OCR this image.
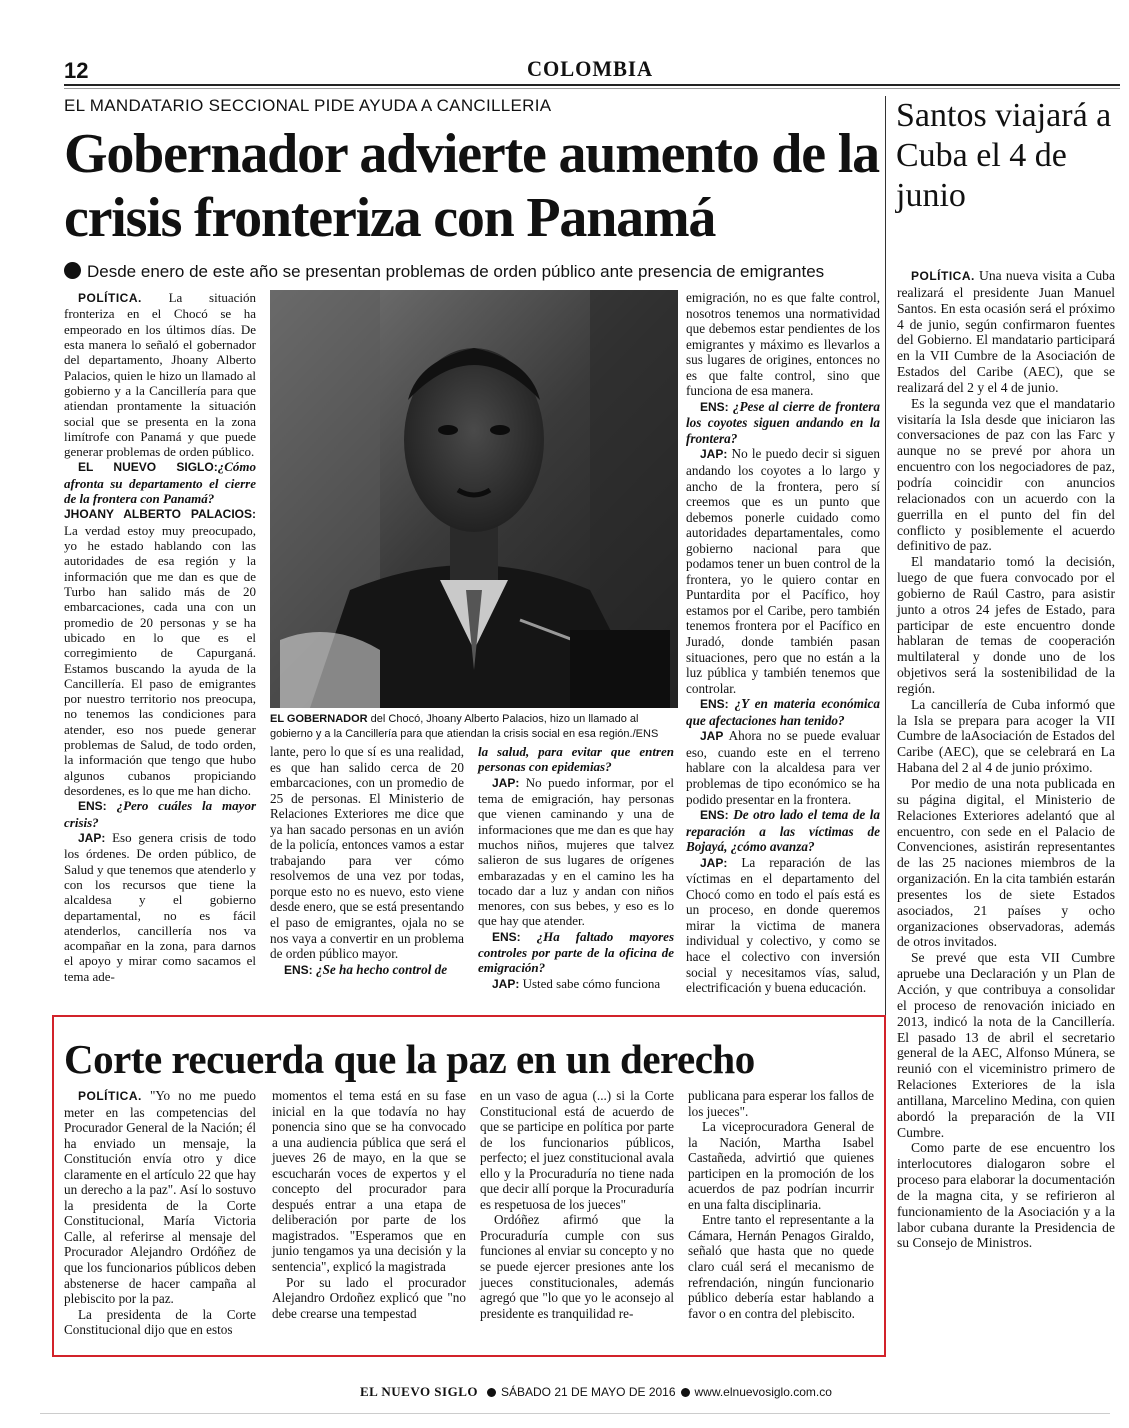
12	COLOMBIA
EL MANDATARIO SECCIONAL PIDE AYUDA A CANCILLERIA
Gobernador advierte aumento de la crisis fronteriza con Panamá
Desde enero de este año se presentan problemas de orden público ante presencia de emigrantes

POLÍTICA. La situación fronteriza en el Chocó se ha empeorado en los últimos días. De esta manera lo señaló el gobernador del departamento, Jhoany Alberto Palacios, quien le hizo un llamado al gobierno y a la Cancillería para que atiendan prontamente la situación social que se presenta en la zona limítrofe con Panamá y que puede generar problemas de orden público.

EL NUEVO SIGLO:¿Cómo afronta su departamento el cierre de la frontera con Panamá?

JHOANY ALBERTO PALACIOS: La verdad estoy muy preocupado, yo he estado hablando con las autoridades de esa región y la información que me dan es que de Turbo han salido más de 20 embarcaciones, cada una con un promedio de 20 personas y se ha ubicado en lo que es el corregimiento de Capurganá. Estamos buscando la ayuda de la Cancillería. El paso de emigrantes por nuestro territorio nos preocupa, no tenemos las condiciones para atender, eso nos puede generar problemas de Salud, de todo orden, la información que tengo que hubo algunos cubanos propiciando desordenes, es lo que me han dicho.

ENS: ¿Pero cuáles la mayor crisis?

JAP: Eso genera crisis de todo los órdenes. De orden público, de Salud y que tenemos que atenderlo y con los recursos que tiene la alcaldesa y el gobierno departamental, no es fácil atenderlos, cancillería nos va acompañar en la zona, para darnos el apoyo y mirar como sacamos el tema ade-

EL GOBERNADOR del Chocó, Jhoany Alberto Palacios, hizo un llamado al gobierno y a la Cancillería para que atiendan la crisis social en esa región./ENS

lante, pero lo que sí es una realidad, es que han salido cerca de 20 embarcaciones, con un promedio de 25 de personas. El Ministerio de Relaciones Exteriores me dice que ya han sacado personas en un avión de la policía, entonces vamos a estar trabajando para ver cómo resolvemos de una vez por todas, porque esto no es nuevo, esto viene desde enero, que se está presentando el paso de emigrantes, ojala no se nos vaya a convertir en un problema de orden público mayor.

ENS: ¿Se ha hecho control de

la salud, para evitar que entren personas con epidemias?

JAP: No puedo informar, por el tema de emigración, hay personas que vienen caminando y una de informaciones que me dan es que hay muchos niños, mujeres que talvez salieron de sus lugares de orígenes embarazadas y en el camino les ha tocado dar a luz y andan con niños menores, con sus bebes, y eso es lo que hay que atender.

ENS: ¿Ha faltado mayores controles por parte de la oficina de emigración?

JAP: Usted sabe cómo funciona

emigración, no es que falte control, nosotros tenemos una normatividad que debemos estar pendientes de los emigrantes y máximo es llevarlos a sus lugares de origines, entonces no es que falte control, sino que funciona de esa manera.

ENS: ¿Pese al cierre de frontera los coyotes siguen andando en la frontera?

JAP: No le puedo decir si siguen andando los coyotes a lo largo y ancho de la frontera, pero sí creemos que es un punto que debemos ponerle cuidado como autoridades departamentales, como gobierno nacional para que podamos tener un buen control de la frontera, yo le quiero contar en Puntardita por el Pacífico, hoy estamos por el Caribe, pero también tenemos frontera por el Pacífico en Juradó, donde también pasan situaciones, pero que no están a la luz pública y también tenemos que controlar.

ENS: ¿Y en materia económica que afectaciones han tenido?

JAP Ahora no se puede evaluar eso, cuando este en el terreno hablare con la alcaldesa para ver problemas de tipo económico se ha podido presentar en la frontera.

ENS: De otro lado el tema de la reparación a las víctimas de Bojayá, ¿cómo avanza?

JAP: La reparación de las víctimas en el departamento del Chocó como en todo el país está es un proceso, en donde queremos mirar la victima de manera individual y colectivo, y como se hace el colectivo con inversión social y necesitamos vías, salud, electrificación y buena educación.

Santos viajará a Cuba el 4 de junio

POLÍTICA. Una nueva visita a Cuba realizará el presidente Juan Manuel Santos. En esta ocasión será el próximo 4 de junio, según confirmaron fuentes del Gobierno. El mandatario participará en la VII Cumbre de la Asociación de Estados del Caribe (AEC), que se realizará del 2 y el 4 de junio.

Es la segunda vez que el mandatario visitaría la Isla desde que iniciaron las conversaciones de paz con las Farc y aunque no se prevé por ahora un encuentro con los negociadores de paz, podría coincidir con anuncios relacionados con un acuerdo con la guerrilla en el punto del fin del conflicto y posiblemente el acuerdo definitivo de paz.

El mandatario tomó la decisión, luego de que fuera convocado por el gobierno de Raúl Castro, para asistir junto a otros 24 jefes de Estado, para participar de este encuentro donde hablaran de temas de cooperación multilateral y donde uno de los objetivos será la sostenibilidad de la región.

La cancillería de Cuba informó que la Isla se prepara para acoger la VII Cumbre de laAsociación de Estados del Caribe (AEC), que se celebrará en La Habana del 2 al 4 de junio próximo.

Por medio de una nota publicada en su página digital, el Ministerio de Relaciones Exteriores adelantó que al encuentro, con sede en el Palacio de Convenciones, asistirán representantes de las 25 naciones miembros de la organización. En la cita también estarán presentes los de siete Estados asociados, 21 países y ocho organizaciones observadoras, además de otros invitados.

Se prevé que esta VII Cumbre apruebe una Declaración y un Plan de Acción, y que contribuya a consolidar el proceso de renovación iniciado en 2013, indicó la nota de la Cancillería. El pasado 13 de abril el secretario general de la AEC, Alfonso Múnera, se reunió con el viceministro primero de Relaciones Exteriores de la isla antillana, Marcelino Medina, con quien abordó la preparación de la VII Cumbre.

Como parte de ese encuentro los interlocutores dialogaron sobre el proceso para elaborar la documentación de la magna cita, y se refirieron al funcionamiento de la Asociación y a la labor cubana durante la Presidencia de su Consejo de Ministros.

Corte recuerda que la paz en un derecho

POLÍTICA. "Yo no me puedo meter en las competencias del Procurador General de la Nación; él ha enviado un mensaje, la Constitución envía otro y dice claramente en el artículo 22 que hay un derecho a la paz". Así lo sostuvo la presidenta de la Corte Constitucional, María Victoria Calle, al referirse al mensaje del Procurador Alejandro Ordóñez de que los funcionarios públicos deben abstenerse de hacer campaña al plebiscito por la paz.

La presidenta de la Corte Constitucional dijo que en estos

momentos el tema está en su fase inicial en la que todavía no hay ponencia sino que se ha convocado a una audiencia pública que será el jueves 26 de mayo, en la que se escucharán voces de expertos y el concepto del procurador para después entrar a una etapa de deliberación por parte de los magistrados. "Esperamos que en junio tengamos ya una decisión y la sentencia", explicó la magistrada

Por su lado el procurador Alejandro Ordoñez explicó que "no debe crearse una tempestad

en un vaso de agua (...) si la Corte Constitucional está de acuerdo de que se participe en política por parte de los funcionarios públicos, perfecto; el juez constitucional avala ello y la Procuraduría no tiene nada que decir allí porque la Procuraduría es respetuosa de los jueces"

Ordóñez afirmó que la Procuraduría cumple con sus funciones al enviar su concepto y no se puede ejercer presiones ante los jueces constitucionales, además agregó que "lo que yo le aconsejo al presidente es tranquilidad re-

publicana para esperar los fallos de los jueces".

La viceprocuradora General de la Nación, Martha Isabel Castañeda, advirtió que quienes participen en la promoción de los acuerdos de paz podrían incurrir en una falta disciplinaria.

Entre tanto el representante a la Cámara, Hernán Penagos Giraldo, señaló que hasta que no quede claro cuál será el mecanismo de refrendación, ningún funcionario público debería estar hablando a favor o en contra del plebiscito.

EL NUEVO SIGLO SÁBADO 21 DE MAYO DE 2016 www.elnuevosiglo.com.co
